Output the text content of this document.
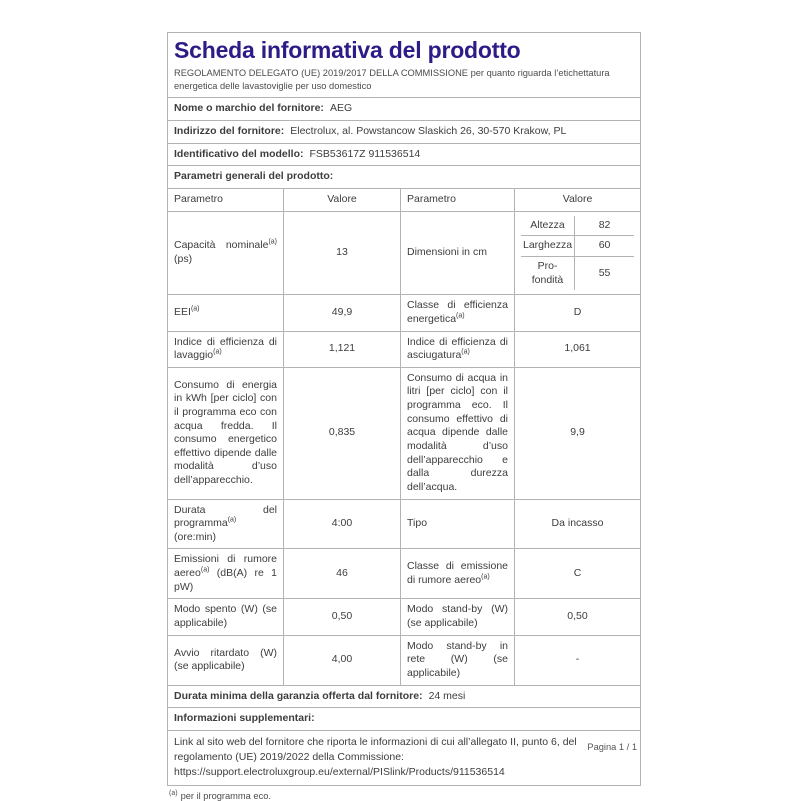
Scheda informativa del prodotto
REGOLAMENTO DELEGATO (UE) 2019/2017 DELLA COMMISSIONE per quanto riguarda l’etichettatura energetica delle lavastoviglie per uso domestico

Nome o marchio del fornitore: AEG
Indirizzo del fornitore: Electrolux, al. Powstancow Slaskich 26, 30-570 Krakow, PL
Identificativo del modello: FSB53617Z 911536514
Parametri generali del prodotto:
Parametro	Valore	Parametro	Valore
Capacità nominale$^{(a)}$ (ps)	13	Dimensioni in cm	
Altezza	82
Larghezza	60
Pro-fondità	55

EEI$^{(a)}$	49,9	Classe di efficienza energetica$^{(a)}$	D
Indice di efficienza di lavaggio$^{(a)}$	1,121	Indice di efficienza di asciugatura$^{(a)}$	1,061
Consumo di energia in kWh [per ciclo] con il programma eco con acqua fredda. Il consumo energetico effettivo dipende dalle modalità d’uso dell’apparecchio.	0,835	Consumo di acqua in litri [per ciclo] con il programma eco. Il consumo effettivo di acqua dipende dalle modalità d’uso dell’apparecchio e dalla durezza dell’acqua.	9,9
Durata del programma$^{(a)}$ (ore:min)	4:00	Tipo	Da incasso
Emissioni di rumore aereo$^{(a)}$ (dB(A) re 1 pW)	46	Classe di emissione di rumore aereo$^{(a)}$	C
Modo spento (W) (se applicabile)	0,50	Modo stand-by (W) (se applicabile)	0,50
Avvio ritardato (W) (se applicabile)	4,00	Modo stand-by in rete (W) (se applicabile)	-
Durata minima della garanzia offerta dal fornitore: 24 mesi
Informazioni supplementari:
Link al sito web del fornitore che riporta le informazioni di cui all’allegato II, punto 6, del regolamento (UE) 2019/2022 della Commissione: https://support.electroluxgroup.eu/external/PISlink/Products/911536514
$^{(a)}$ per il programma eco.
Pagina 1 / 1
